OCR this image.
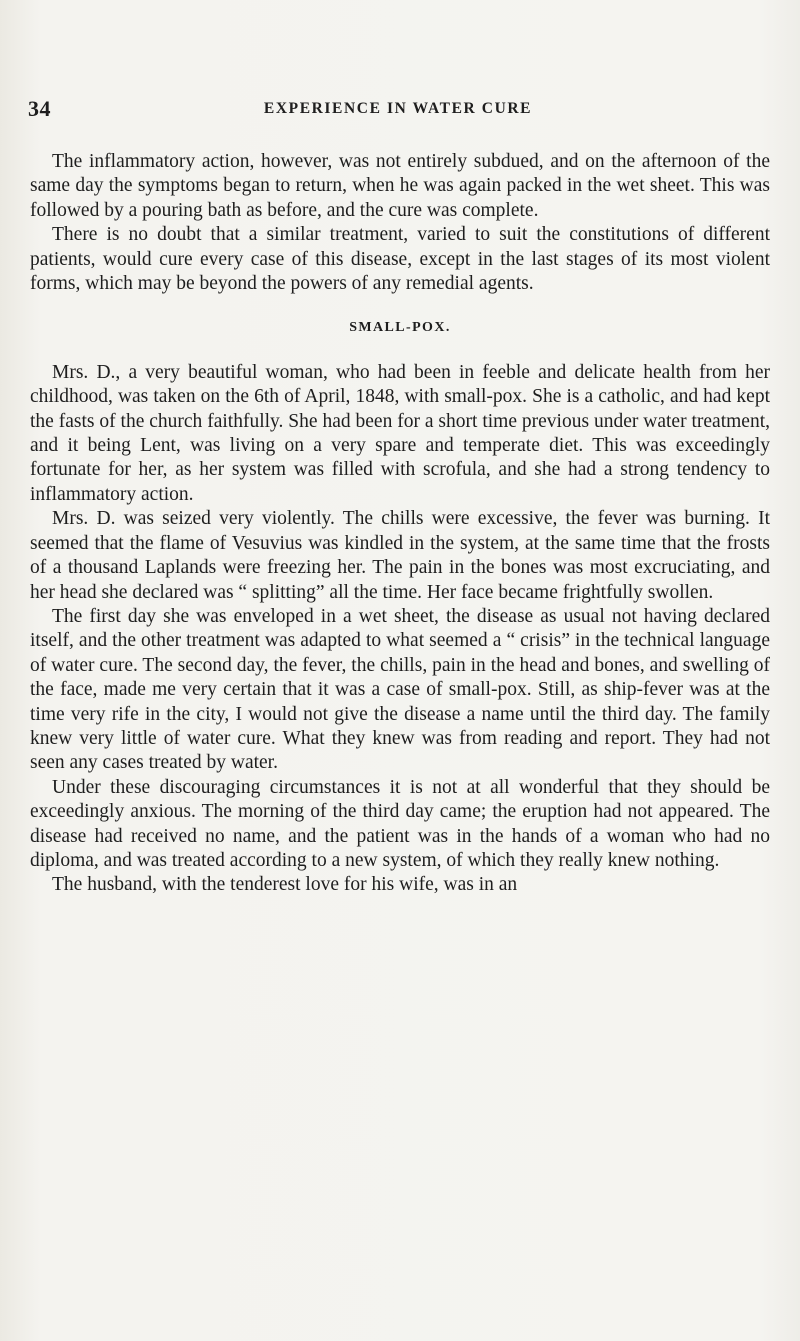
34	EXPERIENCE IN WATER CURE

The inflammatory action, however, was not entirely subdued, and on the afternoon of the same day the symptoms began to return, when he was again packed in the wet sheet. This was followed by a pouring bath as before, and the cure was complete.

There is no doubt that a similar treatment, varied to suit the constitutions of different patients, would cure every case of this disease, except in the last stages of its most violent forms, which may be beyond the powers of any remedial agents.

SMALL-POX.

Mrs. D., a very beautiful woman, who had been in feeble and delicate health from her childhood, was taken on the 6th of April, 1848, with small-pox. She is a catholic, and had kept the fasts of the church faithfully. She had been for a short time previous under water treatment, and it being Lent, was living on a very spare and temperate diet. This was exceedingly fortunate for her, as her system was filled with scrofula, and she had a strong tendency to inflammatory action.

Mrs. D. was seized very violently. The chills were excessive, the fever was burning. It seemed that the flame of Vesuvius was kindled in the system, at the same time that the frosts of a thousand Laplands were freezing her. The pain in the bones was most excruciating, and her head she declared was “ splitting” all the time. Her face became frightfully swollen.

The first day she was enveloped in a wet sheet, the disease as usual not having declared itself, and the other treatment was adapted to what seemed a “ crisis” in the technical language of water cure. The second day, the fever, the chills, pain in the head and bones, and swelling of the face, made me very certain that it was a case of small-pox. Still, as ship-fever was at the time very rife in the city, I would not give the disease a name until the third day. The family knew very little of water cure. What they knew was from reading and report. They had not seen any cases treated by water.

Under these discouraging circumstances it is not at all wonderful that they should be exceedingly anxious. The morning of the third day came; the eruption had not appeared. The disease had received no name, and the patient was in the hands of a woman who had no diploma, and was treated according to a new system, of which they really knew nothing.

The husband, with the tenderest love for his wife, was in an
